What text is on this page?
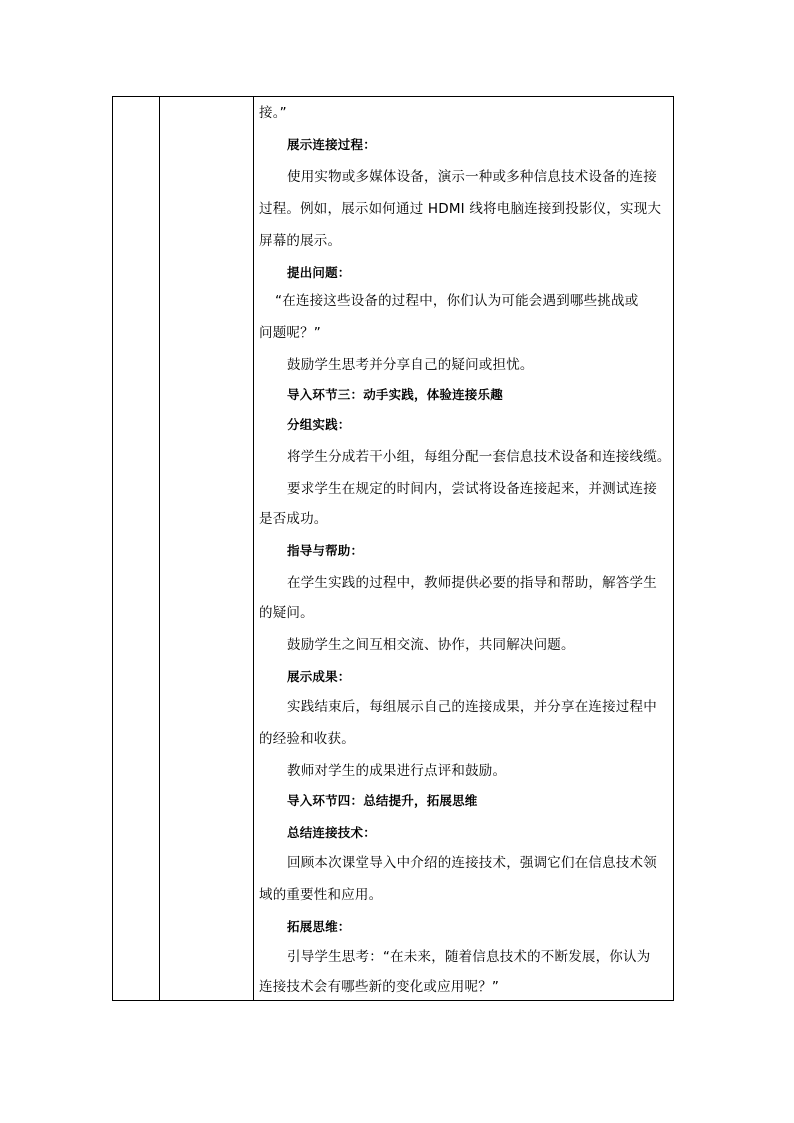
接。”
展示连接过程：
使用实物或多媒体设备，演示一种或多种信息技术设备的连接
过程。例如，展示如何通过 HDMI 线将电脑连接到投影仪，实现大
屏幕的展示。
提出问题：
“在连接这些设备的过程中，你们认为可能会遇到哪些挑战或
问题呢？”
鼓励学生思考并分享自己的疑问或担忧。
导入环节三：动手实践，体验连接乐趣
分组实践：
将学生分成若干小组，每组分配一套信息技术设备和连接线缆。
要求学生在规定的时间内，尝试将设备连接起来，并测试连接
是否成功。
指导与帮助：
在学生实践的过程中，教师提供必要的指导和帮助，解答学生
的疑问。
鼓励学生之间互相交流、协作，共同解决问题。
展示成果：
实践结束后，每组展示自己的连接成果，并分享在连接过程中
的经验和收获。
教师对学生的成果进行点评和鼓励。
导入环节四：总结提升，拓展思维
总结连接技术：
回顾本次课堂导入中介绍的连接技术，强调它们在信息技术领
域的重要性和应用。
拓展思维：
引导学生思考：“在未来，随着信息技术的不断发展，你认为
连接技术会有哪些新的变化或应用呢？”
